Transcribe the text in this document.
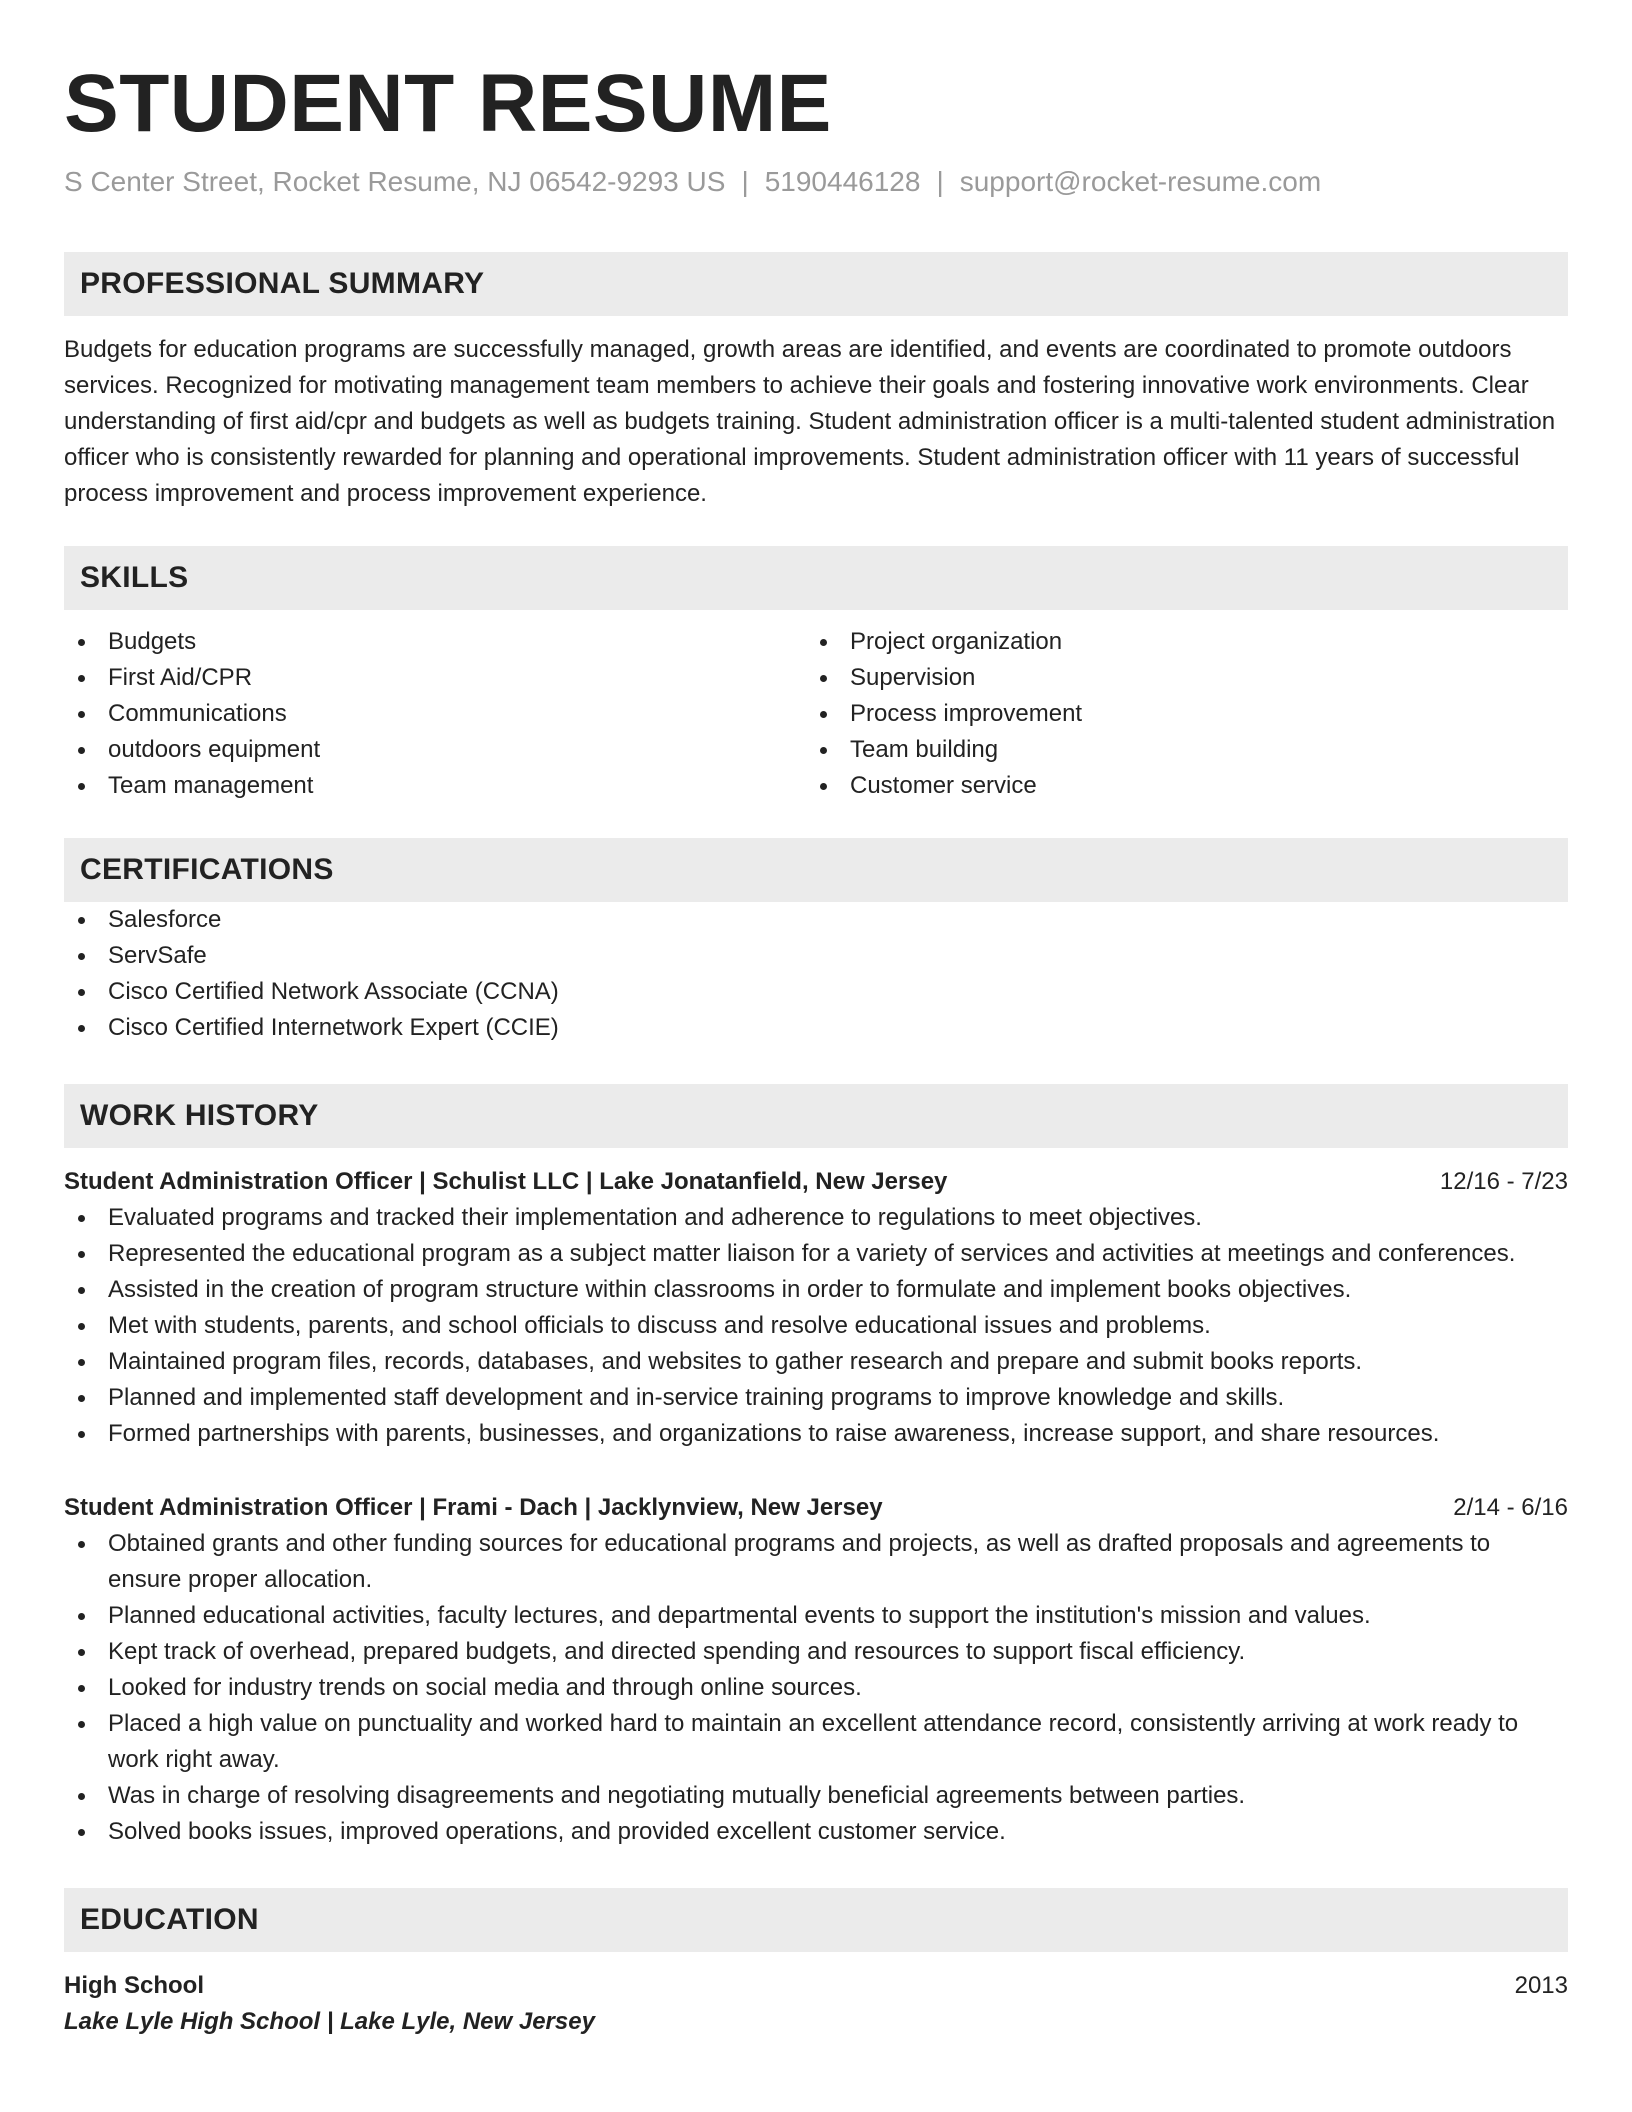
STUDENT RESUME
S Center Street, Rocket Resume, NJ 06542-9293 US | 5190446128 | support@rocket-resume.com
PROFESSIONAL SUMMARY

Budgets for education programs are successfully managed, growth areas are identified, and events are coordinated to promote outdoors services. Recognized for motivating management team members to achieve their goals and fostering innovative work environments. Clear understanding of first aid/cpr and budgets as well as budgets training. Student administration officer is a multi-talented student administration officer who is consistently rewarded for planning and operational improvements. Student administration officer with 11 years of successful process improvement and process improvement experience.

SKILLS
Budgets
First Aid/CPR
Communications
outdoors equipment
Team management
Project organization
Supervision
Process improvement
Team building
Customer service
CERTIFICATIONS
Salesforce
ServSafe
Cisco Certified Network Associate (CCNA)
Cisco Certified Internetwork Expert (CCIE)
WORK HISTORY
Student Administration Officer | Schulist LLC | Lake Jonatanfield, New Jersey	12/16 - 7/23
Evaluated programs and tracked their implementation and adherence to regulations to meet objectives.
Represented the educational program as a subject matter liaison for a variety of services and activities at meetings and conferences.
Assisted in the creation of program structure within classrooms in order to formulate and implement books objectives.
Met with students, parents, and school officials to discuss and resolve educational issues and problems.
Maintained program files, records, databases, and websites to gather research and prepare and submit books reports.
Planned and implemented staff development and in-service training programs to improve knowledge and skills.
Formed partnerships with parents, businesses, and organizations to raise awareness, increase support, and share resources.
Student Administration Officer | Frami - Dach | Jacklynview, New Jersey	2/14 - 6/16
Obtained grants and other funding sources for educational programs and projects, as well as drafted proposals and agreements to ensure proper allocation.
Planned educational activities, faculty lectures, and departmental events to support the institution's mission and values.
Kept track of overhead, prepared budgets, and directed spending and resources to support fiscal efficiency.
Looked for industry trends on social media and through online sources.
Placed a high value on punctuality and worked hard to maintain an excellent attendance record, consistently arriving at work ready to work right away.
Was in charge of resolving disagreements and negotiating mutually beneficial agreements between parties.
Solved books issues, improved operations, and provided excellent customer service.
EDUCATION
High School	2013
Lake Lyle High School | Lake Lyle, New Jersey
